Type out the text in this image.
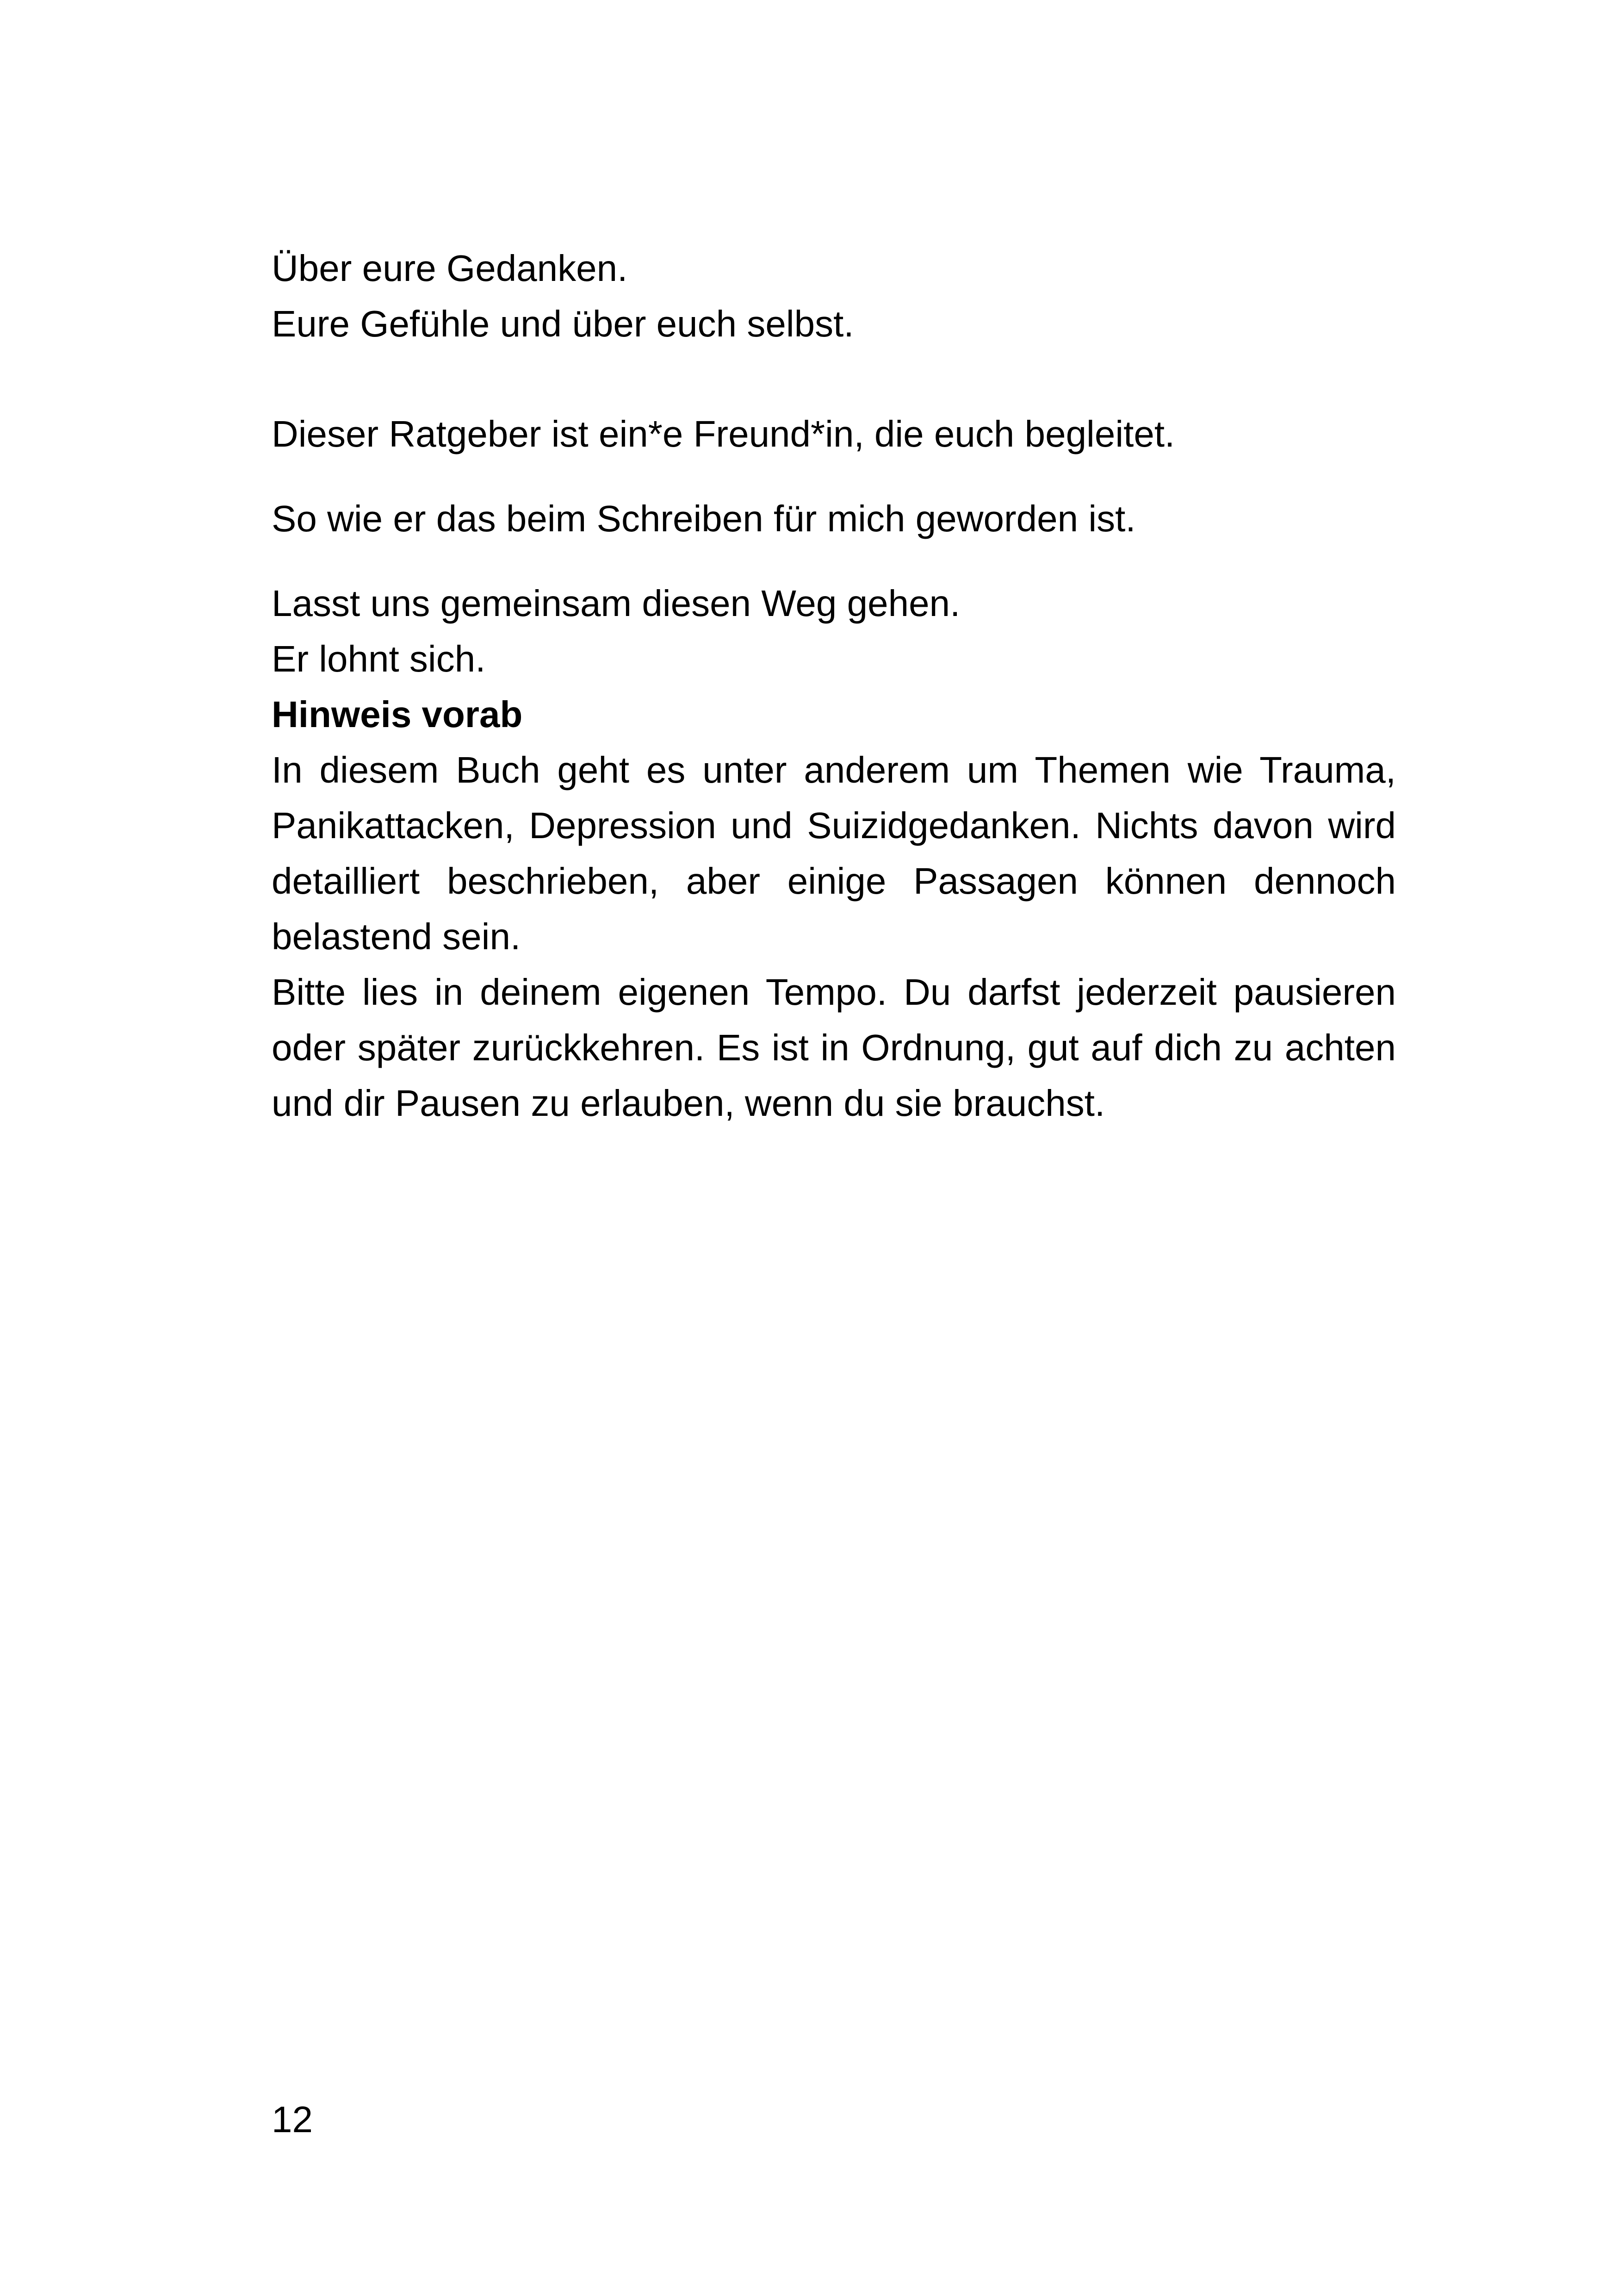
Über eure Gedanken.

Eure Gefühle und über euch selbst.

Dieser Ratgeber ist ein*e Freund*in, die euch begleitet.

So wie er das beim Schreiben für mich geworden ist.

Lasst uns gemeinsam diesen Weg gehen.

Er lohnt sich.

Hinweis vorab

In diesem Buch geht es unter anderem um Themen wie Trauma, Panikattacken, Depression und Suizidgedanken. Nichts davon wird detailliert beschrieben, aber einige Passagen können dennoch belastend sein.

Bitte lies in deinem eigenen Tempo. Du darfst jederzeit pausieren oder später zurückkehren. Es ist in Ordnung, gut auf dich zu achten und dir Pausen zu erlauben, wenn du sie brauchst.

12
